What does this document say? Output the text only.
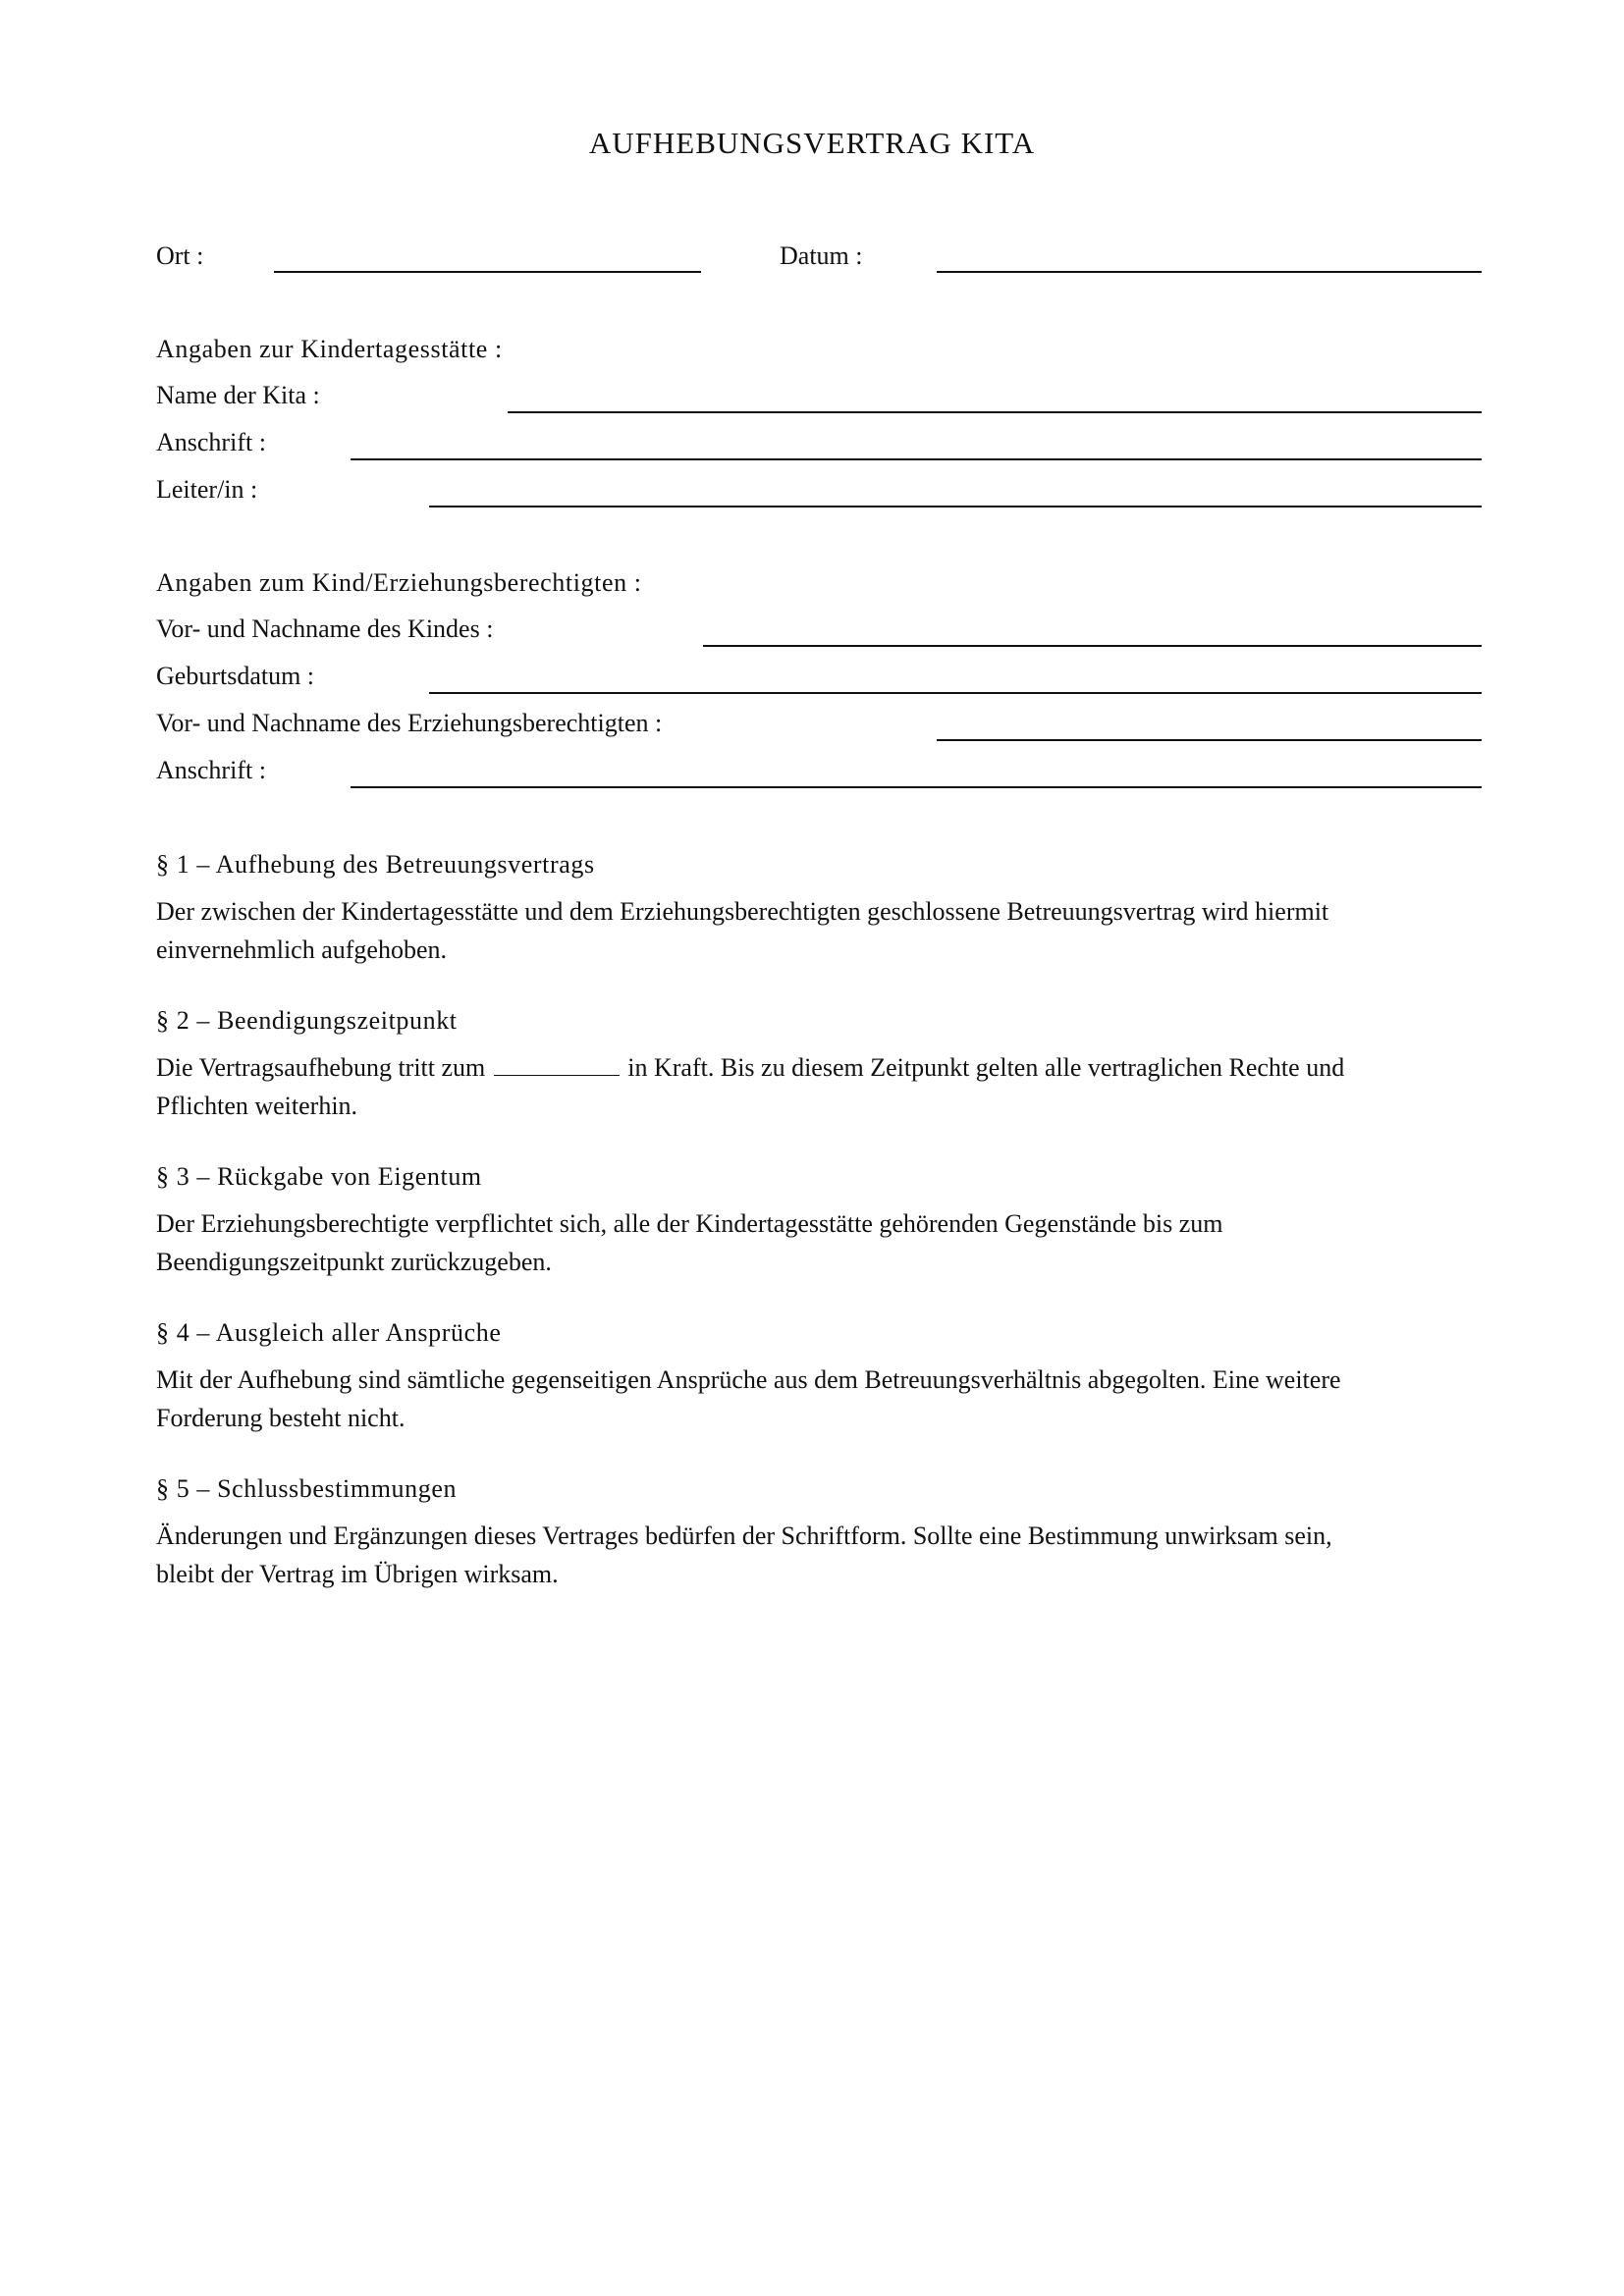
AUFHEBUNGSVERTRAG KITA
Ort :	Datum :
Angaben zur Kindertagesstätte :
Name der Kita :
Anschrift :
Leiter/in :
Angaben zum Kind/Erziehungsberechtigten :
Vor- und Nachname des Kindes :
Geburtsdatum :
Vor- und Nachname des Erziehungsberechtigten :
Anschrift :
§ 1 – Aufhebung des Betreuungsvertrags
Der zwischen der Kindertagesstätte und dem Erziehungsberechtigten geschlossene Betreuungsvertrag wird hiermit
einvernehmlich aufgehoben.
§ 2 – Beendigungszeitpunkt
Die Vertragsaufhebung tritt zum	in Kraft. Bis zu diesem Zeitpunkt gelten alle vertraglichen Rechte und
Pflichten weiterhin.
§ 3 – Rückgabe von Eigentum
Der Erziehungsberechtigte verpflichtet sich, alle der Kindertagesstätte gehörenden Gegenstände bis zum
Beendigungszeitpunkt zurückzugeben.
§ 4 – Ausgleich aller Ansprüche
Mit der Aufhebung sind sämtliche gegenseitigen Ansprüche aus dem Betreuungsverhältnis abgegolten. Eine weitere
Forderung besteht nicht.
§ 5 – Schlussbestimmungen
Änderungen und Ergänzungen dieses Vertrages bedürfen der Schriftform. Sollte eine Bestimmung unwirksam sein,
bleibt der Vertrag im Übrigen wirksam.
